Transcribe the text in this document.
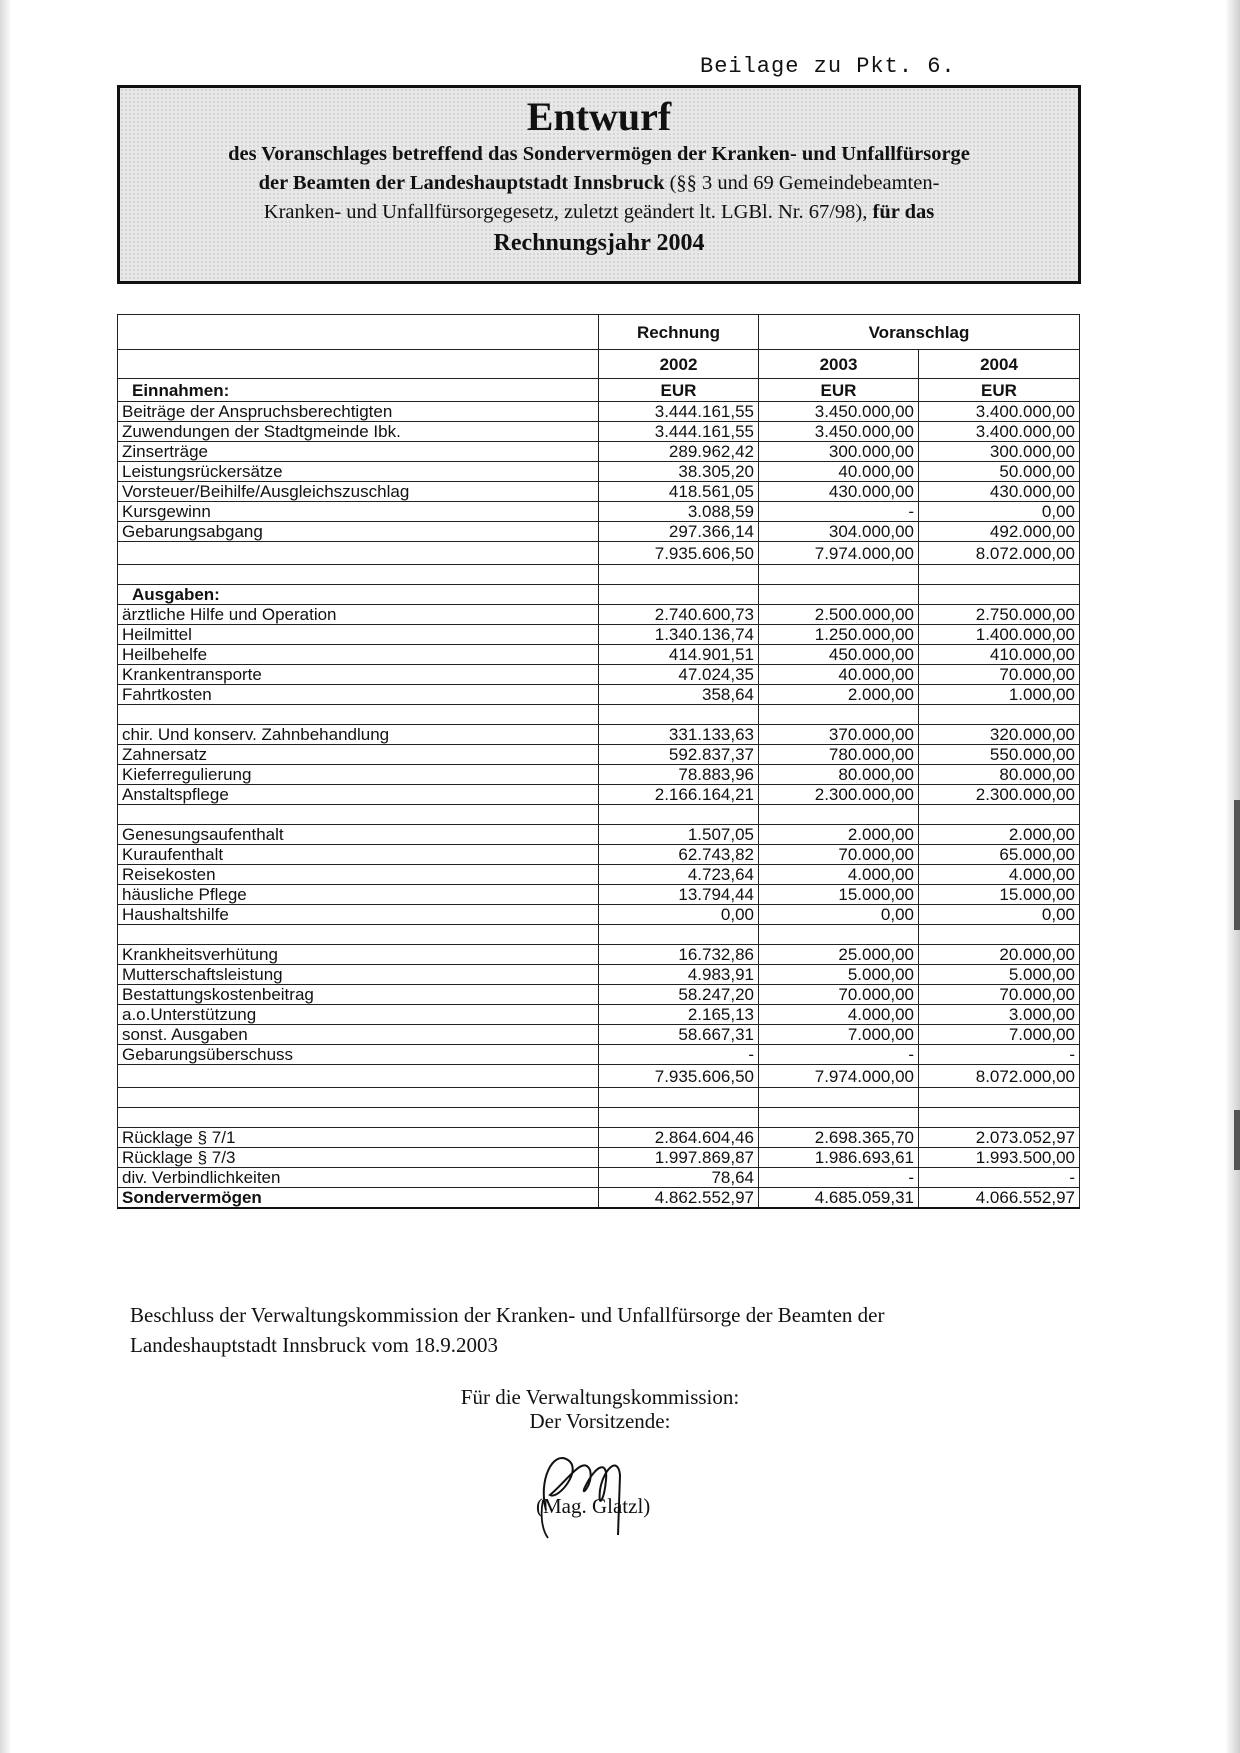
Beilage zu Pkt. 6.
Entwurf
des Voranschlages betreffend das Sondervermögen der Kranken- und Unfallfürsorge
der Beamten der Landeshauptstadt Innsbruck (§§ 3 und 69 Gemeindebeamten-
Kranken- und Unfallfürsorgegesetz, zuletzt geändert lt. LGBl. Nr. 67/98), für das
Rechnungsjahr 2004
	Rechnung	Voranschlag	
	2002	2003	2004
Einnahmen:	EUR	EUR	EUR
Beiträge der Anspruchsberechtigten	3.444.161,55	3.450.000,00	3.400.000,00
Zuwendungen der Stadtgmeinde Ibk.	3.444.161,55	3.450.000,00	3.400.000,00
Zinserträge	289.962,42	300.000,00	300.000,00
Leistungsrückersätze	38.305,20	40.000,00	50.000,00
Vorsteuer/Beihilfe/Ausgleichszuschlag	418.561,05	430.000,00	430.000,00
Kursgewinn	3.088,59	-	0,00
Gebarungsabgang	297.366,14	304.000,00	492.000,00
	7.935.606,50	7.974.000,00	8.072.000,00

Ausgaben:			
ärztliche Hilfe und Operation	2.740.600,73	2.500.000,00	2.750.000,00
Heilmittel	1.340.136,74	1.250.000,00	1.400.000,00
Heilbehelfe	414.901,51	450.000,00	410.000,00
Krankentransporte	47.024,35	40.000,00	70.000,00
Fahrtkosten	358,64	2.000,00	1.000,00

chir. Und konserv. Zahnbehandlung	331.133,63	370.000,00	320.000,00
Zahnersatz	592.837,37	780.000,00	550.000,00
Kieferregulierung	78.883,96	80.000,00	80.000,00
Anstaltspflege	2.166.164,21	2.300.000,00	2.300.000,00

Genesungsaufenthalt	1.507,05	2.000,00	2.000,00
Kuraufenthalt	62.743,82	70.000,00	65.000,00
Reisekosten	4.723,64	4.000,00	4.000,00
häusliche Pflege	13.794,44	15.000,00	15.000,00
Haushaltshilfe	0,00	0,00	0,00

Krankheitsverhütung	16.732,86	25.000,00	20.000,00
Mutterschaftsleistung	4.983,91	5.000,00	5.000,00
Bestattungskostenbeitrag	58.247,20	70.000,00	70.000,00
a.o.Unterstützung	2.165,13	4.000,00	3.000,00
sonst. Ausgaben	58.667,31	7.000,00	7.000,00
Gebarungsüberschuss	-	-	-
	7.935.606,50	7.974.000,00	8.072.000,00

Rücklage § 7/1	2.864.604,46	2.698.365,70	2.073.052,97
Rücklage § 7/3	1.997.869,87	1.986.693,61	1.993.500,00
div. Verbindlichkeiten	78,64	-	-
Sondervermögen	4.862.552,97	4.685.059,31	4.066.552,97
Beschluss der Verwaltungskommission der Kranken- und Unfallfürsorge der Beamten der Landeshauptstadt Innsbruck vom 18.9.2003
Für die Verwaltungskommission:
Der Vorsitzende:
(Mag. Glatzl)
